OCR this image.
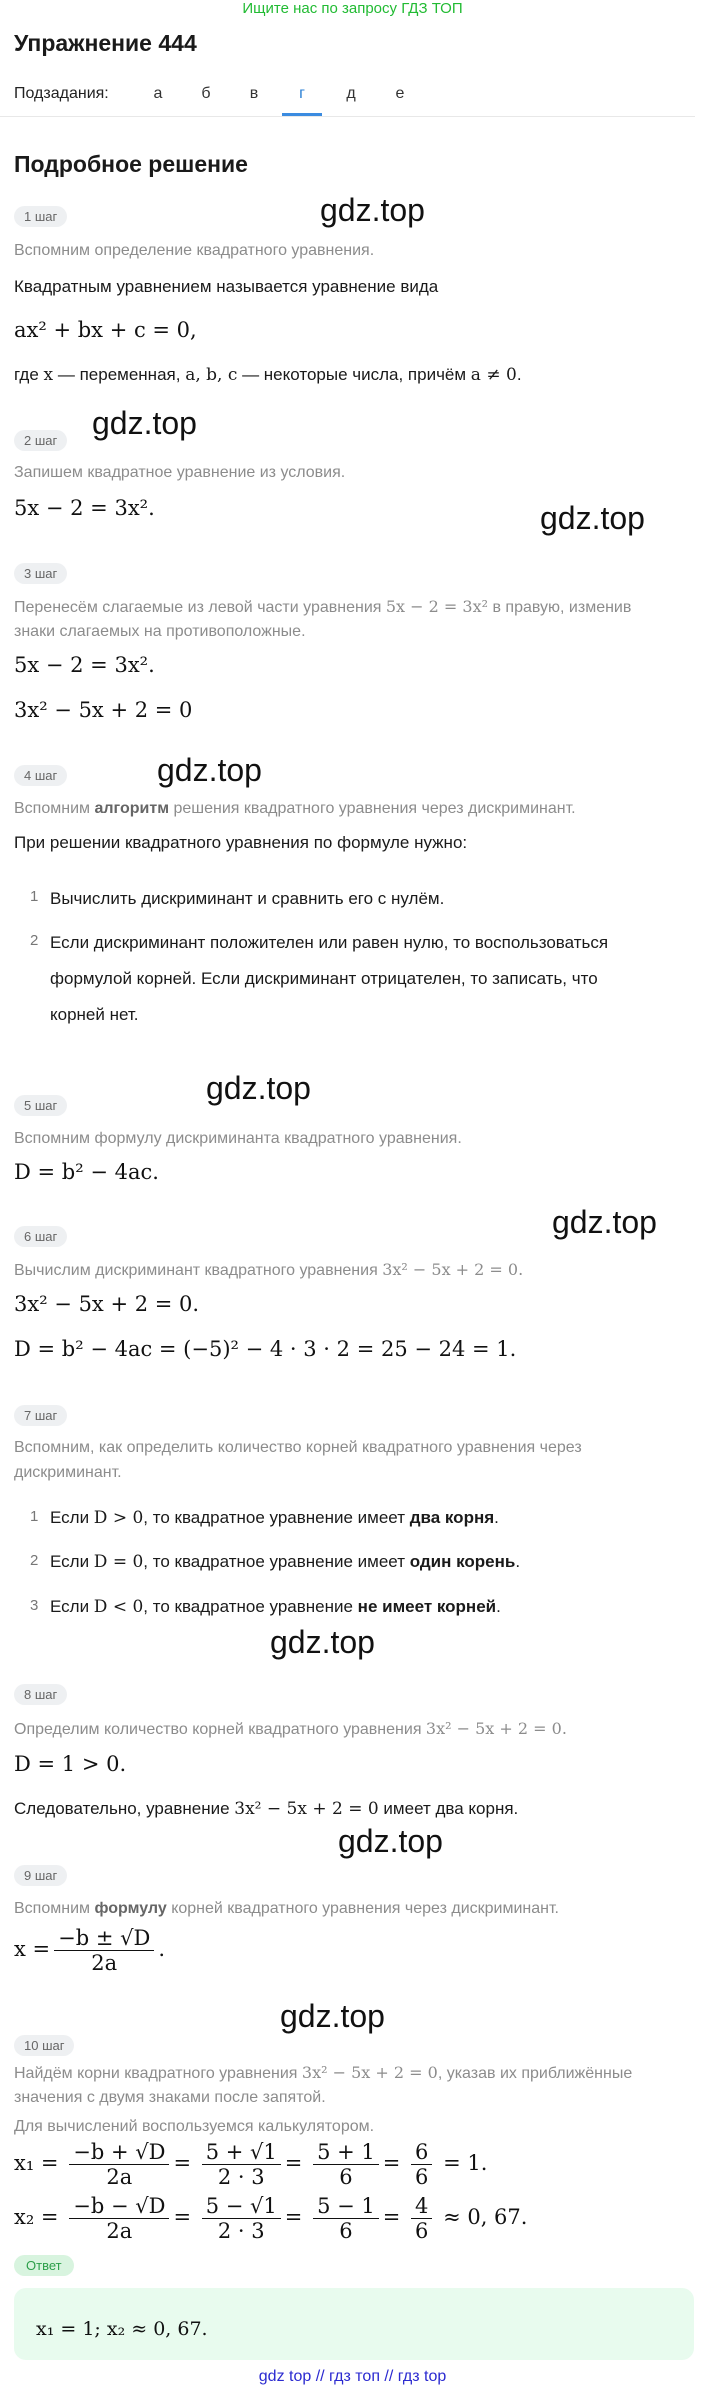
Ищите нас по запросу ГДЗ ТОП
Упражнение 444
Подзадания:	а	б	в	г	д	е
Подробное решение
gdz.top
gdz.top
gdz.top
gdz.top
gdz.top
gdz.top
gdz.top
gdz.top
gdz.top
1 шаг
Вспомним определение квадратного уравнения.
Квадратным уравнением называется уравнение вида
ax² + bx + c = 0,
где x — переменная, a, b, c — некоторые числа, причём a ≠ 0.
2 шаг
Запишем квадратное уравнение из условия.
5x − 2 = 3x².
3 шаг
Перенесём слагаемые из левой части уравнения 5x − 2 = 3x² в правую, изменив
знаки слагаемых на противоположные.
5x − 2 = 3x².
3x² − 5x + 2 = 0
4 шаг
Вспомним алгоритм решения квадратного уравнения через дискриминант.
При решении квадратного уравнения по формуле нужно:
1 Вычислить дискриминант и сравнить его с нулём.
2 Если дискриминант положителен или равен нулю, то воспользоваться
формулой корней. Если дискриминант отрицателен, то записать, что
корней нет.
5 шаг
Вспомним формулу дискриминанта квадратного уравнения.
D = b² − 4ac.
6 шаг
Вычислим дискриминант квадратного уравнения 3x² − 5x + 2 = 0.
3x² − 5x + 2 = 0.
D = b² − 4ac = (−5)² − 4 · 3 · 2 = 25 − 24 = 1.
7 шаг
Вспомним, как определить количество корней квадратного уравнения через
дискриминант.
1 Если D > 0, то квадратное уравнение имеет два корня.
2 Если D = 0, то квадратное уравнение имеет один корень.
3 Если D < 0, то квадратное уравнение не имеет корней.
8 шаг
Определим количество корней квадратного уравнения 3x² − 5x + 2 = 0.
D = 1 > 0.
Следовательно, уравнение 3x² − 5x + 2 = 0 имеет два корня.
9 шаг
Вспомним формулу корней квадратного уравнения через дискриминант.
$x = \frac{-b \pm √D}{2a}$ .
10 шаг
Найдём корни квадратного уравнения 3x² − 5x + 2 = 0, указав их приближённые
значения с двумя знаками после запятой.
Для вычислений воспользуемся калькулятором.
$x_1 = \frac{-b + √D}{2a} = \frac{5 + √1}{2 \cdot 3} = \frac{5 + 1}{6} = \frac{6}{6} = 1$.
$x_2 = \frac{-b - √D}{2a} = \frac{5 - √1}{2 \cdot 3} = \frac{5 - 1}{6} = \frac{4}{6} \approx 0$, 67.
Ответ
x₁ = 1; x₂ ≈ 0, 67.
gdz top // гдз топ // гдз top
